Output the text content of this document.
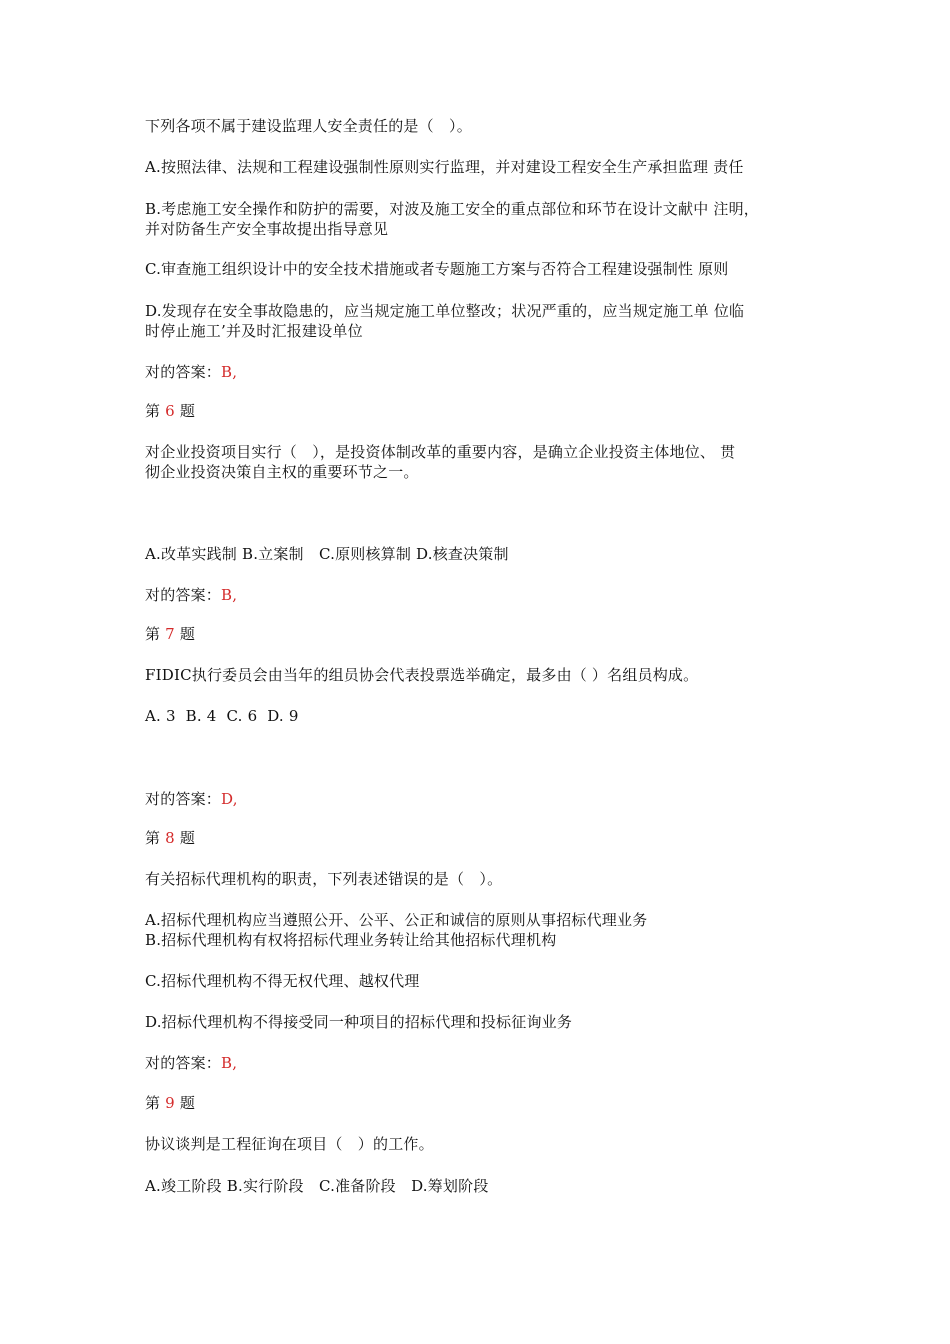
下列各项不属于建设监理人安全责任的是（　）。
A.按照法律、法规和工程建设强制性原则实行监理，并对建设工程安全生产承担监理 责任
B.考虑施工安全操作和防护的需要，对波及施工安全的重点部位和环节在设计文献中 注明，
并对防备生产安全事故提出指导意见
C.审查施工组织设计中的安全技术措施或者专题施工方案与否符合工程建设强制性 原则
D.发现存在安全事故隐患的，应当规定施工单位整改；状况严重的，应当规定施工单 位临
时停止施工’并及时汇报建设单位
对的答案：B,
第 6 题
对企业投资项目实行（　），是投资体制改革的重要内容，是确立企业投资主体地位、 贯
彻企业投资决策自主权的重要环节之一。
A.改革实践制 B.立案制　C.原则核算制 D.核查决策制
对的答案：B,
第 7 题
FIDIC执行委员会由当年的组员协会代表投票选举确定，最多由（ ）名组员构成。
A. 3  B. 4  C. 6  D. 9
对的答案：D,
第 8 题
有关招标代理机构的职责，下列表述错误的是（　）。
A.招标代理机构应当遵照公开、公平、公正和诚信的原则从事招标代理业务
B.招标代理机构有权将招标代理业务转让给其他招标代理机构
C.招标代理机构不得无权代理、越权代理
D.招标代理机构不得接受同一种项目的招标代理和投标征询业务
对的答案：B,
第 9 题
协议谈判是工程征询在项目（　）的工作。
A.竣工阶段 B.实行阶段　C.准备阶段　D.筹划阶段
